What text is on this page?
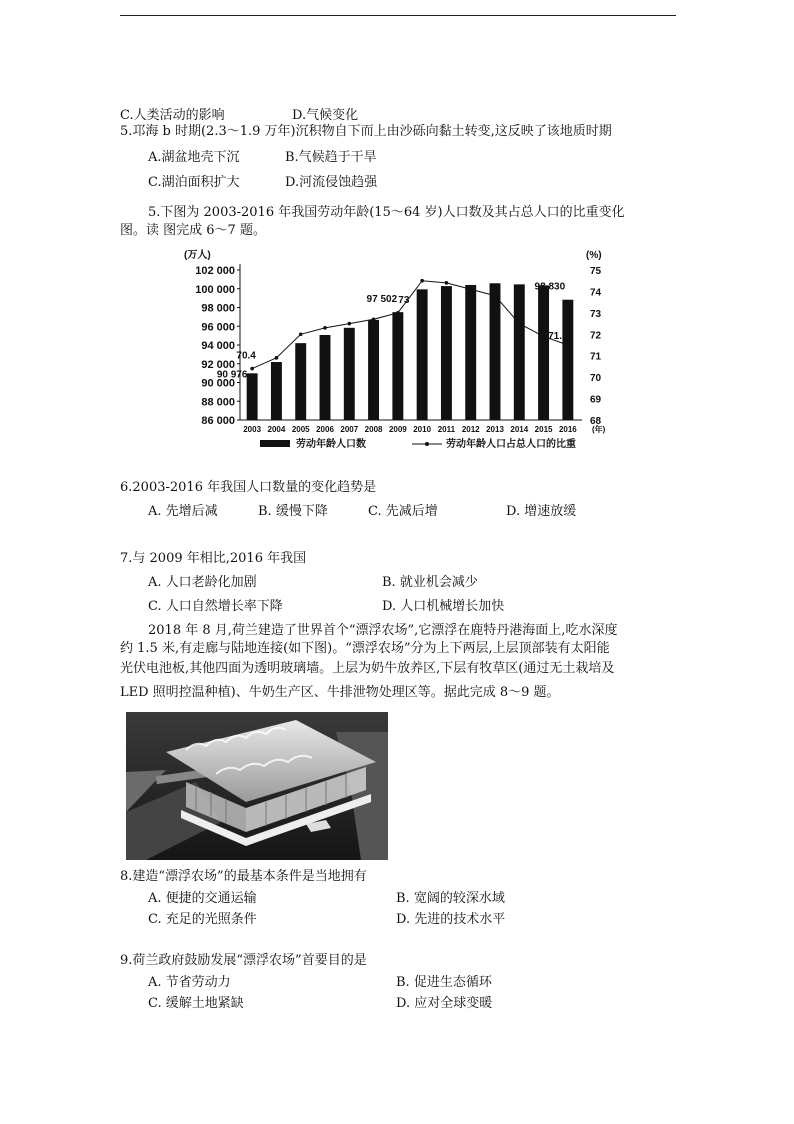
C.人类活动的影响	D.气候变化
5.邛海 b 时期(2.3～1.9 万年)沉积物自下而上由沙砾向黏土转变,这反映了该地质时期
A.湖盆地壳下沉	B.气候趋于干旱
C.湖泊面积扩大	D.河流侵蚀趋强
5.下图为 2003-2016 年我国劳动年龄(15～64 岁)人口数及其占总人口的比重变化
图。读 图完成 6～7 题。
(万人)	(%)
86 000
88 000
90 000
92 000
94 000
96 000
98 000
100 000
102 000
68
69
70
71
72
73
74
75
2003 2004 2005 2006 2007 2008 2009 2010 2011 2012 2013 2014 2015 2016 (年)
70.4
90 976
97 502 73
98 830
71.5
劳动年龄人口数	劳动年龄人口占总人口的比重
6.2003-2016 年我国人口数量的变化趋势是
A. 先增后减	B. 缓慢下降	C. 先减后增	D. 增速放缓
7.与 2009 年相比,2016 年我国
A. 人口老龄化加剧	B. 就业机会减少
C. 人口自然增长率下降	D. 人口机械增长加快
2018 年 8 月,荷兰建造了世界首个“漂浮农场”,它漂浮在鹿特丹港海面上,吃水深度
约 1.5 米,有走廊与陆地连接(如下图)。“漂浮农场”分为上下两层,上层顶部装有太阳能
光伏电池板,其他四面为透明玻璃墙。上层为奶牛放养区,下层有牧草区(通过无土栽培及
LED 照明控温种植)、牛奶生产区、牛排泄物处理区等。据此完成 8～9 题。
8.建造“漂浮农场”的最基本条件是当地拥有
A. 便捷的交通运输	B. 宽阔的较深水域
C. 充足的光照条件	D. 先进的技术水平
9.荷兰政府鼓励发展“漂浮农场”首要目的是
A. 节省劳动力	B. 促进生态循环
C. 缓解土地紧缺	D. 应对全球变暖
